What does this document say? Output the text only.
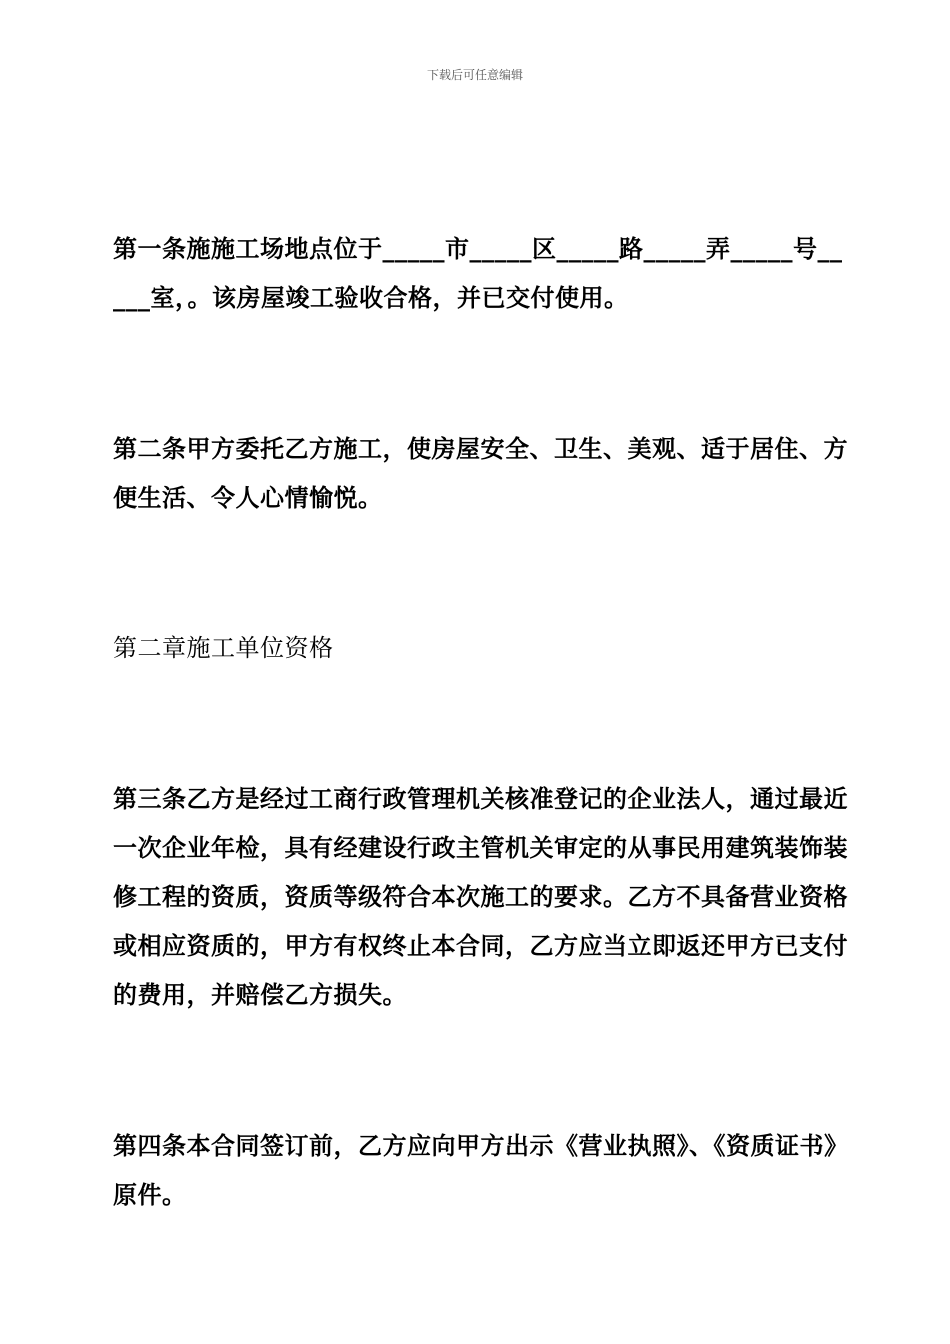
下载后可任意编辑

第一条施施工场地点位于_____市_____区_____路_____弄_____号_____室，。该房屋竣工验收合格，并已交付使用。

第二条甲方委托乙方施工，使房屋安全、卫生、美观、适于居住、方便生活、令人心情愉悦。

第二章施工单位资格

第三条乙方是经过工商行政管理机关核准登记的企业法人，通过最近一次企业年检，具有经建设行政主管机关审定的从事民用建筑装饰装修工程的资质，资质等级符合本次施工的要求。乙方不具备营业资格或相应资质的，甲方有权终止本合同，乙方应当立即返还甲方已支付的费用，并赔偿乙方损失。

第四条本合同签订前，乙方应向甲方出示《营业执照》、《资质证书》原件。
